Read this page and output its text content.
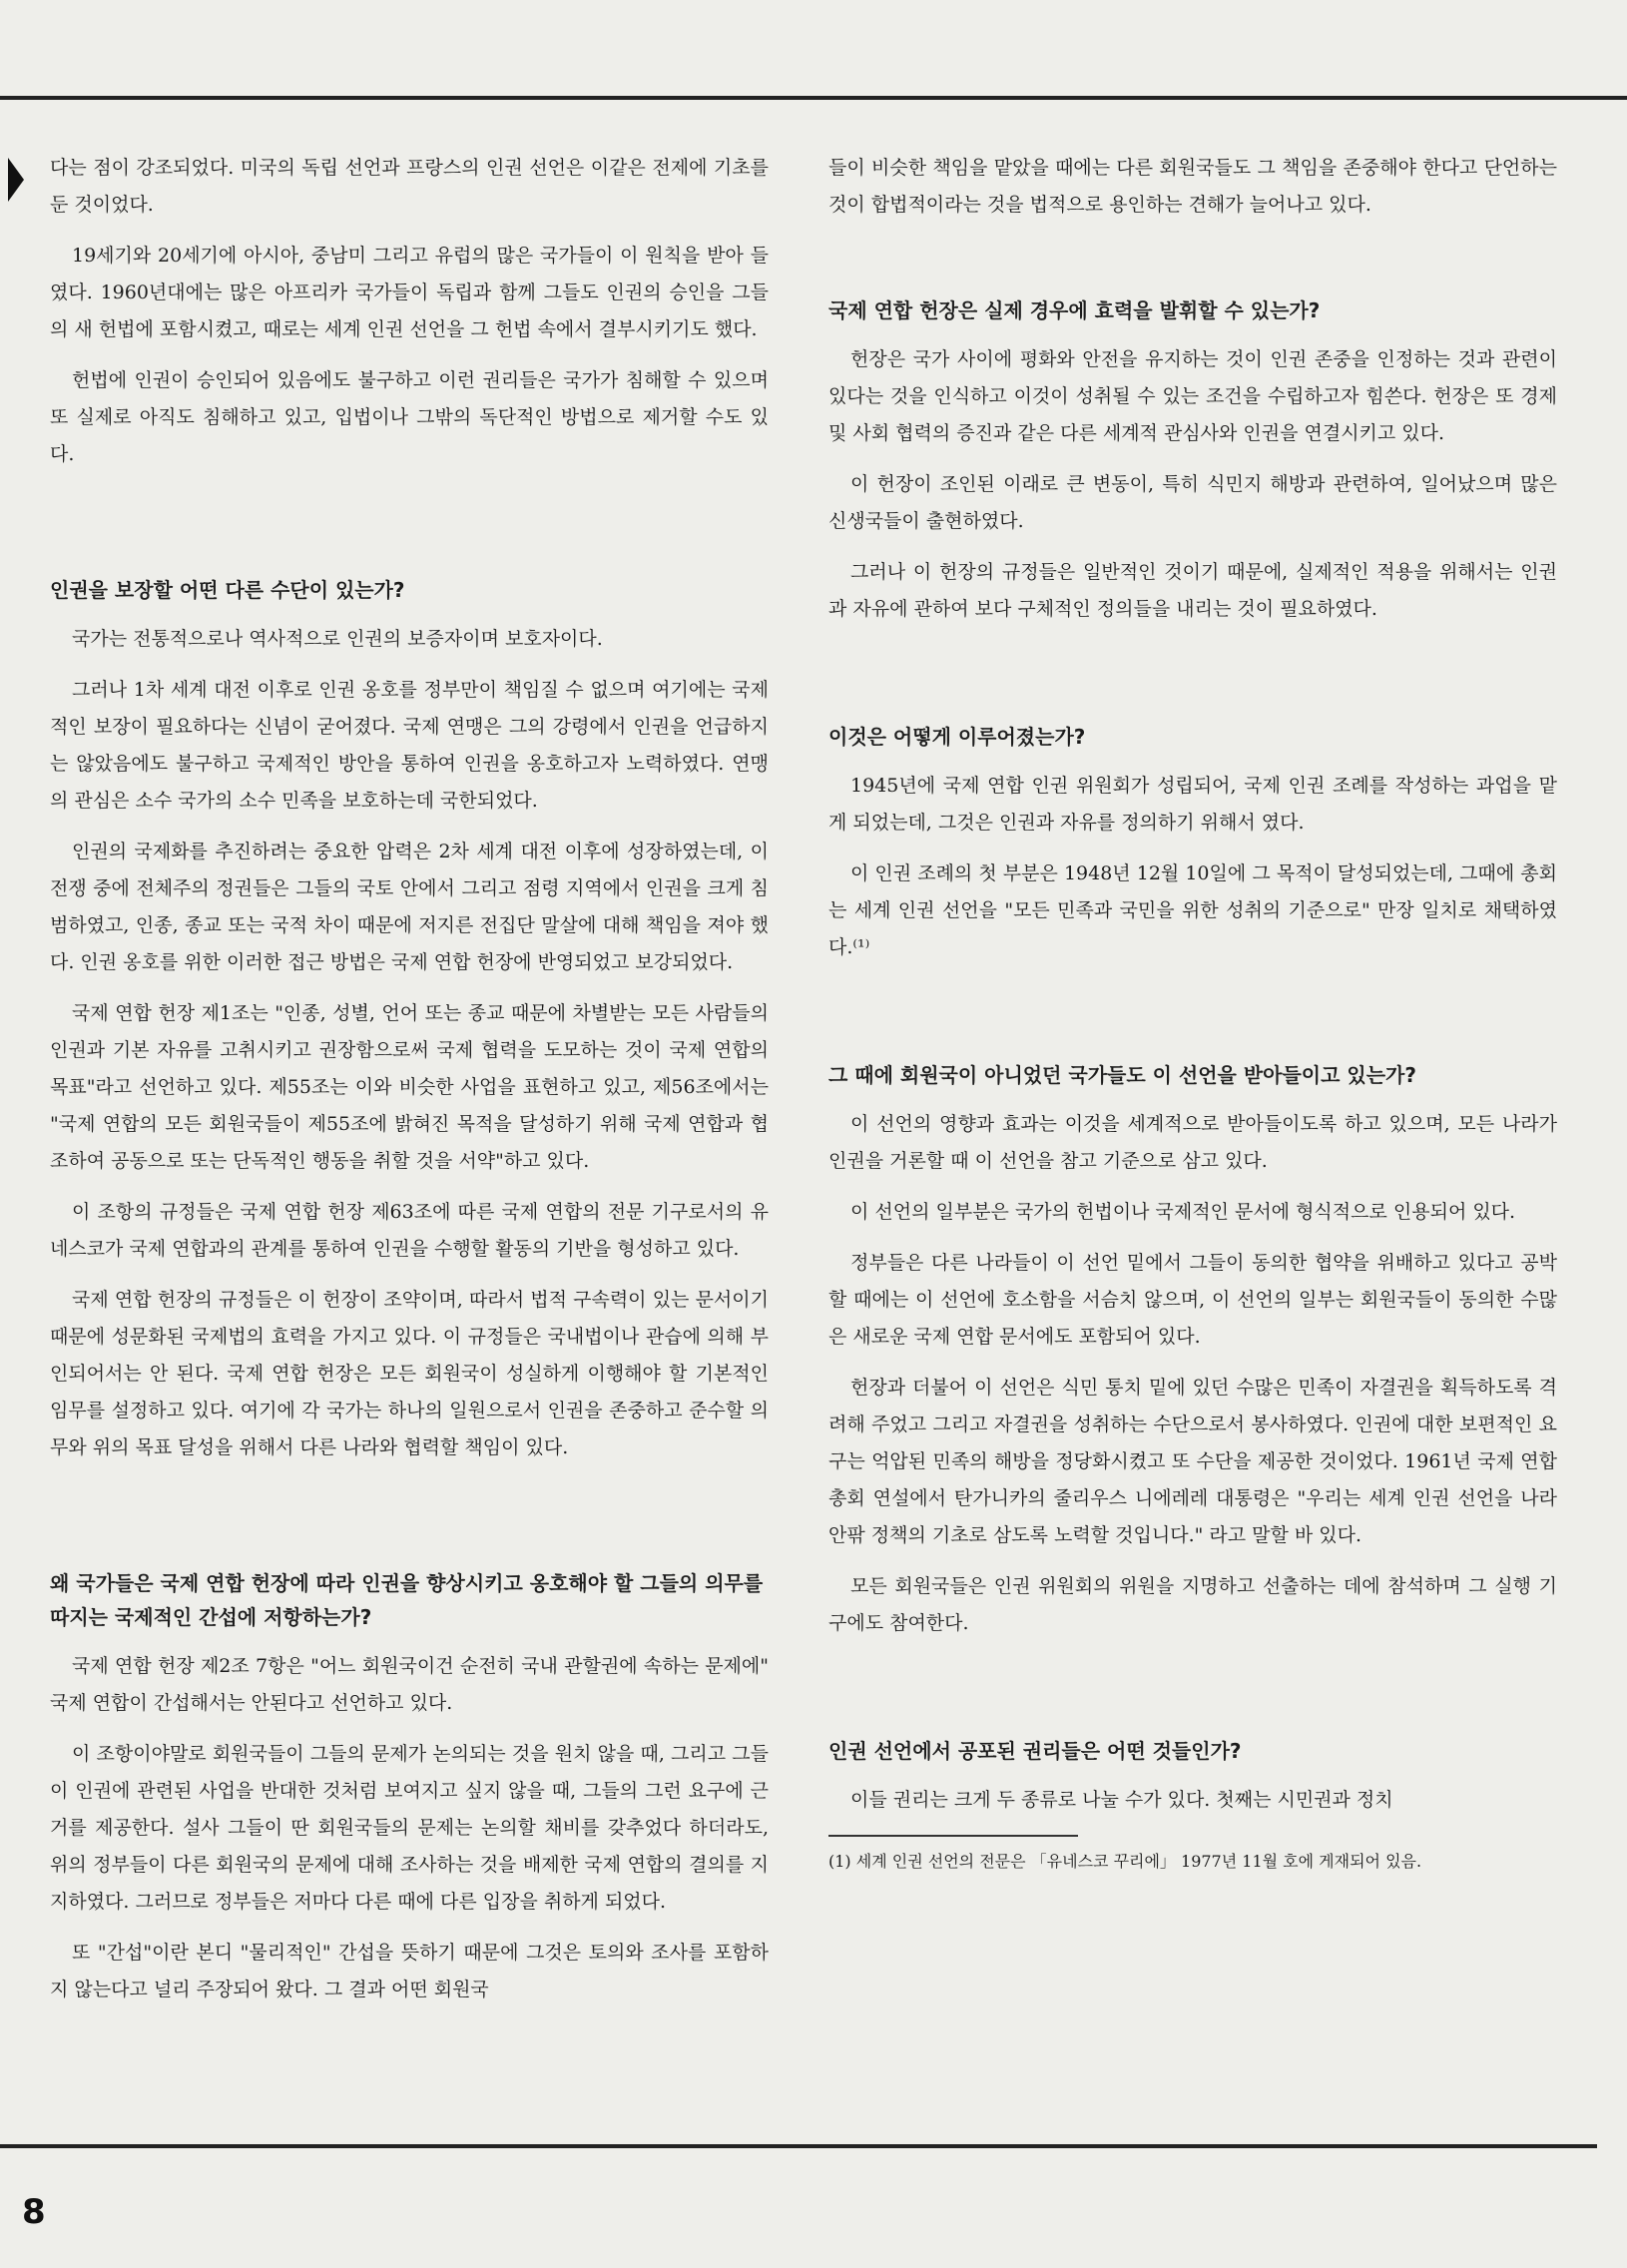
다는 점이 강조되었다. 미국의 독립 선언과 프랑스의 인권 선언은 이같은 전제에 기초를 둔 것이었다.

19세기와 20세기에 아시아, 중남미 그리고 유럽의 많은 국가들이 이 원칙을 받아 들였다. 1960년대에는 많은 아프리카 국가들이 독립과 함께 그들도 인권의 승인을 그들의 새 헌법에 포함시켰고, 때로는 세계 인권 선언을 그 헌법 속에서 결부시키기도 했다.

헌법에 인권이 승인되어 있음에도 불구하고 이런 권리들은 국가가 침해할 수 있으며 또 실제로 아직도 침해하고 있고, 입법이나 그밖의 독단적인 방법으로 제거할 수도 있다.

인권을 보장할 어떤 다른 수단이 있는가?

국가는 전통적으로나 역사적으로 인권의 보증자이며 보호자이다.

그러나 1차 세계 대전 이후로 인권 옹호를 정부만이 책임질 수 없으며 여기에는 국제적인 보장이 필요하다는 신념이 굳어졌다. 국제 연맹은 그의 강령에서 인권을 언급하지는 않았음에도 불구하고 국제적인 방안을 통하여 인권을 옹호하고자 노력하였다. 연맹의 관심은 소수 국가의 소수 민족을 보호하는데 국한되었다.

인권의 국제화를 추진하려는 중요한 압력은 2차 세계 대전 이후에 성장하였는데, 이 전쟁 중에 전체주의 정권들은 그들의 국토 안에서 그리고 점령 지역에서 인권을 크게 침범하였고, 인종, 종교 또는 국적 차이 때문에 저지른 전집단 말살에 대해 책임을 져야 했다. 인권 옹호를 위한 이러한 접근 방법은 국제 연합 헌장에 반영되었고 보강되었다.

국제 연합 헌장 제1조는 "인종, 성별, 언어 또는 종교 때문에 차별받는 모든 사람들의 인권과 기본 자유를 고취시키고 권장함으로써 국제 협력을 도모하는 것이 국제 연합의 목표"라고 선언하고 있다. 제55조는 이와 비슷한 사업을 표현하고 있고, 제56조에서는 "국제 연합의 모든 회원국들이 제55조에 밝혀진 목적을 달성하기 위해 국제 연합과 협조하여 공동으로 또는 단독적인 행동을 취할 것을 서약"하고 있다.

이 조항의 규정들은 국제 연합 헌장 제63조에 따른 국제 연합의 전문 기구로서의 유네스코가 국제 연합과의 관계를 통하여 인권을 수행할 활동의 기반을 형성하고 있다.

국제 연합 헌장의 규정들은 이 헌장이 조약이며, 따라서 법적 구속력이 있는 문서이기 때문에 성문화된 국제법의 효력을 가지고 있다. 이 규정들은 국내법이나 관습에 의해 부인되어서는 안 된다. 국제 연합 헌장은 모든 회원국이 성실하게 이행해야 할 기본적인 임무를 설정하고 있다. 여기에 각 국가는 하나의 일원으로서 인권을 존중하고 준수할 의무와 위의 목표 달성을 위해서 다른 나라와 협력할 책임이 있다.

왜 국가들은 국제 연합 헌장에 따라 인권을 향상시키고 옹호해야 할 그들의 의무를 따지는 국제적인 간섭에 저항하는가?

국제 연합 헌장 제2조 7항은 "어느 회원국이건 순전히 국내 관할권에 속하는 문제에" 국제 연합이 간섭해서는 안된다고 선언하고 있다.

이 조항이야말로 회원국들이 그들의 문제가 논의되는 것을 원치 않을 때, 그리고 그들이 인권에 관련된 사업을 반대한 것처럼 보여지고 싶지 않을 때, 그들의 그런 요구에 근거를 제공한다. 설사 그들이 딴 회원국들의 문제는 논의할 채비를 갖추었다 하더라도, 위의 정부들이 다른 회원국의 문제에 대해 조사하는 것을 배제한 국제 연합의 결의를 지지하였다. 그러므로 정부들은 저마다 다른 때에 다른 입장을 취하게 되었다.

또 "간섭"이란 본디 "물리적인" 간섭을 뜻하기 때문에 그것은 토의와 조사를 포함하지 않는다고 널리 주장되어 왔다. 그 결과 어떤 회원국

들이 비슷한 책임을 맡았을 때에는 다른 회원국들도 그 책임을 존중해야 한다고 단언하는 것이 합법적이라는 것을 법적으로 용인하는 견해가 늘어나고 있다.

국제 연합 헌장은 실제 경우에 효력을 발휘할 수 있는가?

헌장은 국가 사이에 평화와 안전을 유지하는 것이 인권 존중을 인정하는 것과 관련이 있다는 것을 인식하고 이것이 성취될 수 있는 조건을 수립하고자 힘쓴다. 헌장은 또 경제 및 사회 협력의 증진과 같은 다른 세계적 관심사와 인권을 연결시키고 있다.

이 헌장이 조인된 이래로 큰 변동이, 특히 식민지 해방과 관련하여, 일어났으며 많은 신생국들이 출현하였다.

그러나 이 헌장의 규정들은 일반적인 것이기 때문에, 실제적인 적용을 위해서는 인권과 자유에 관하여 보다 구체적인 정의들을 내리는 것이 필요하였다.

이것은 어떻게 이루어졌는가?

1945년에 국제 연합 인권 위원회가 성립되어, 국제 인권 조례를 작성하는 과업을 맡게 되었는데, 그것은 인권과 자유를 정의하기 위해서 였다.

이 인권 조례의 첫 부분은 1948년 12월 10일에 그 목적이 달성되었는데, 그때에 총회는 세계 인권 선언을 "모든 민족과 국민을 위한 성취의 기준으로" 만장 일치로 채택하였다.⁽¹⁾

그 때에 회원국이 아니었던 국가들도 이 선언을 받아들이고 있는가?

이 선언의 영향과 효과는 이것을 세계적으로 받아들이도록 하고 있으며, 모든 나라가 인권을 거론할 때 이 선언을 참고 기준으로 삼고 있다.

이 선언의 일부분은 국가의 헌법이나 국제적인 문서에 형식적으로 인용되어 있다.

정부들은 다른 나라들이 이 선언 밑에서 그들이 동의한 협약을 위배하고 있다고 공박할 때에는 이 선언에 호소함을 서슴치 않으며, 이 선언의 일부는 회원국들이 동의한 수많은 새로운 국제 연합 문서에도 포함되어 있다.

헌장과 더불어 이 선언은 식민 통치 밑에 있던 수많은 민족이 자결권을 획득하도록 격려해 주었고 그리고 자결권을 성취하는 수단으로서 봉사하였다. 인권에 대한 보편적인 요구는 억압된 민족의 해방을 정당화시켰고 또 수단을 제공한 것이었다. 1961년 국제 연합 총회 연설에서 탄가니카의 줄리우스 니에레레 대통령은 "우리는 세계 인권 선언을 나라 안팎 정책의 기초로 삼도록 노력할 것입니다." 라고 말할 바 있다.

모든 회원국들은 인권 위원회의 위원을 지명하고 선출하는 데에 참석하며 그 실행 기구에도 참여한다.

인권 선언에서 공포된 권리들은 어떤 것들인가?

이들 권리는 크게 두 종류로 나눌 수가 있다. 첫째는 시민권과 정치

(1) 세계 인권 선언의 전문은 「유네스코 꾸리에」 1977년 11월 호에 게재되어 있음.

8
